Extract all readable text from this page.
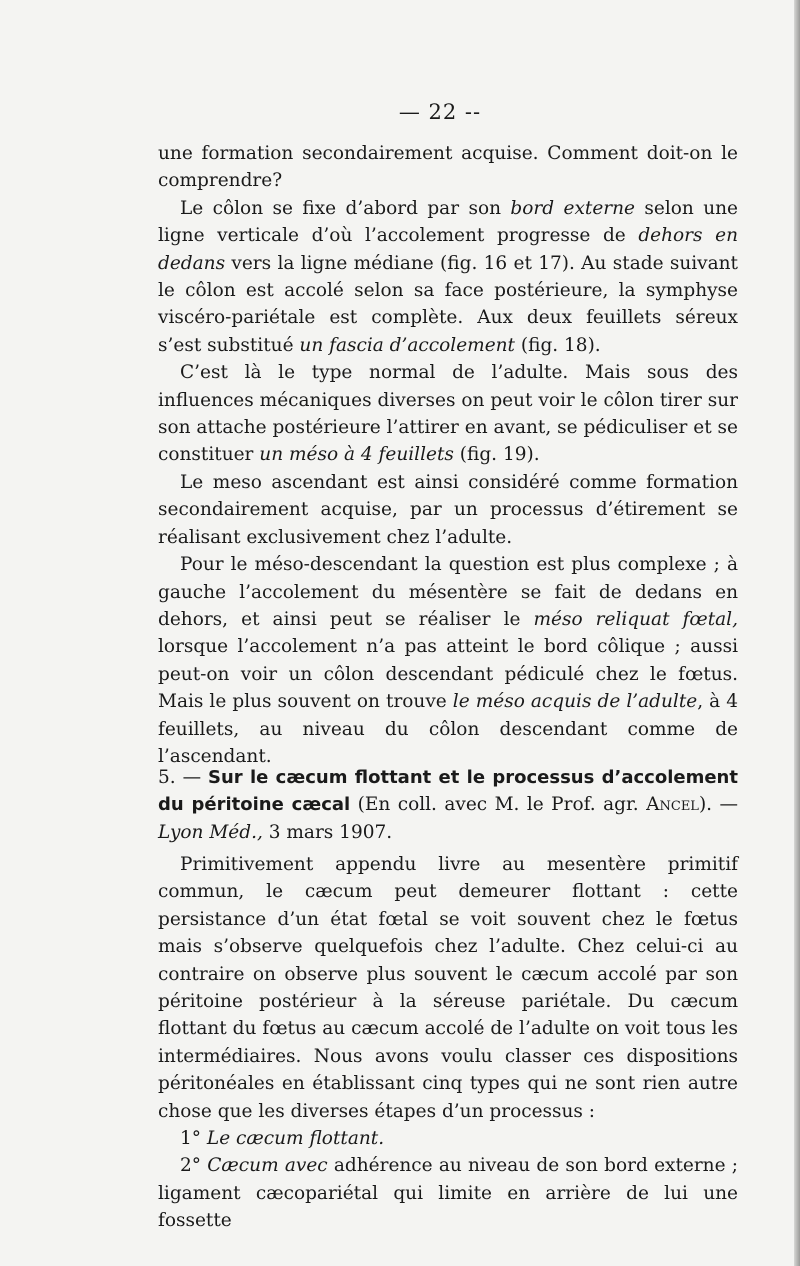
— 22 --

une formation secondairement acquise. Comment doit-on le comprendre?

Le côlon se fixe d’abord par son bord externe selon une ligne verticale d’où l’accolement progresse de dehors en dedans vers la ligne médiane (fig. 16 et 17). Au stade suivant le côlon est accolé selon sa face postérieure, la symphyse viscéro-pariétale est complète. Aux deux feuillets séreux s’est substitué un fascia d’accolement (fig. 18).

C’est là le type normal de l’adulte. Mais sous des influences mécaniques diverses on peut voir le côlon tirer sur son attache postérieure l’attirer en avant, se pédiculiser et se constituer un méso à 4 feuillets (fig. 19).

Le meso ascendant est ainsi considéré comme formation secondairement acquise, par un processus d’étirement se réalisant exclusivement chez l’adulte.

Pour le méso-descendant la question est plus complexe ; à gauche l’accolement du mésentère se fait de dedans en dehors, et ainsi peut se réaliser le méso reliquat fœtal, lorsque l’accolement n’a pas atteint le bord côlique ; aussi peut-on voir un côlon descendant pédiculé chez le fœtus. Mais le plus souvent on trouve le méso acquis de l’adulte, à 4 feuillets, au niveau du côlon descendant comme de l’ascendant.

5. — Sur le cæcum flottant et le processus d’accolement du péritoine cæcal (En coll. avec M. le Prof. agr. Ancel). — Lyon Méd., 3 mars 1907.

Primitivement appendu livre au mesentère primitif commun, le cæcum peut demeurer flottant : cette persistance d’un état fœtal se voit souvent chez le fœtus mais s’observe quelquefois chez l’adulte. Chez celui-ci au contraire on observe plus souvent le cæcum accolé par son péritoine postérieur à la séreuse pariétale. Du cæcum flottant du fœtus au cæcum accolé de l’adulte on voit tous les intermédiaires. Nous avons voulu classer ces dispositions péritonéales en établissant cinq types qui ne sont rien autre chose que les diverses étapes d’un processus :

1° Le cæcum flottant.

2° Cæcum avec adhérence au niveau de son bord externe ; ligament cæcopariétal qui limite en arrière de lui une fossette
